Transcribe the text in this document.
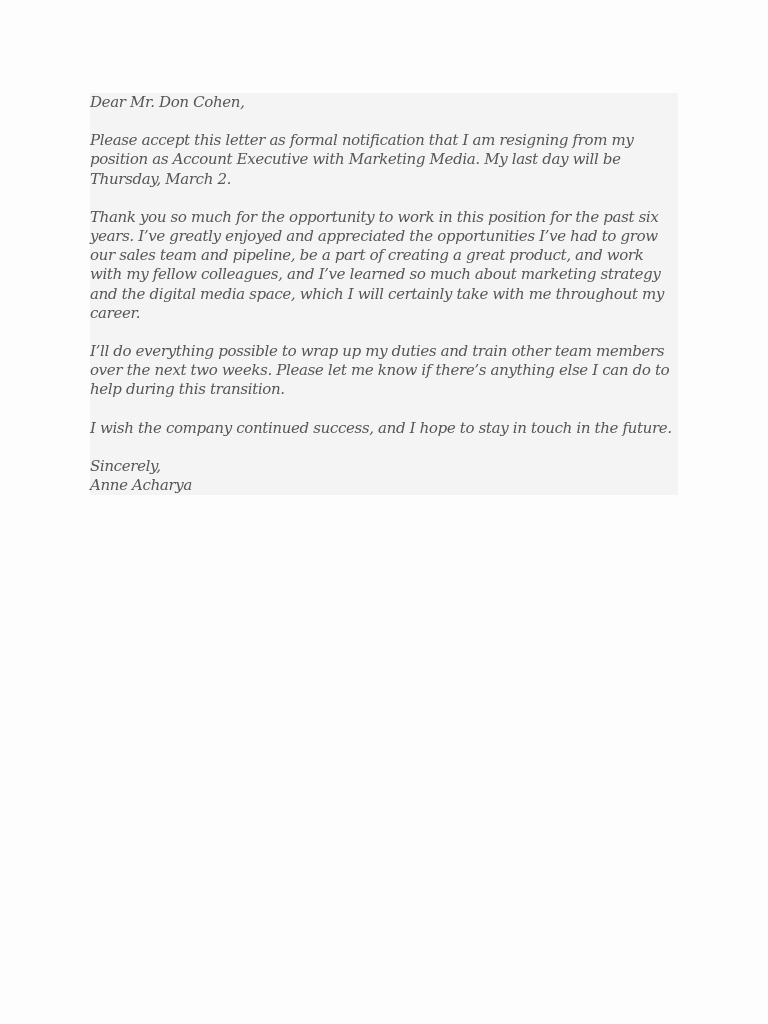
Dear Mr. Don Cohen,

Please accept this letter as formal notification that I am resigning from my position as Account Executive with Marketing Media. My last day will be Thursday, March 2.

Thank you so much for the opportunity to work in this position for the past six years. I’ve greatly enjoyed and appreciated the opportunities I’ve had to grow our sales team and pipeline, be a part of creating a great product, and work with my fellow colleagues, and I’ve learned so much about marketing strategy and the digital media space, which I will certainly take with me throughout my career.

I’ll do everything possible to wrap up my duties and train other team members over the next two weeks. Please let me know if there’s anything else I can do to help during this transition.

I wish the company continued success, and I hope to stay in touch in the future.

Sincerely,

Anne Acharya
